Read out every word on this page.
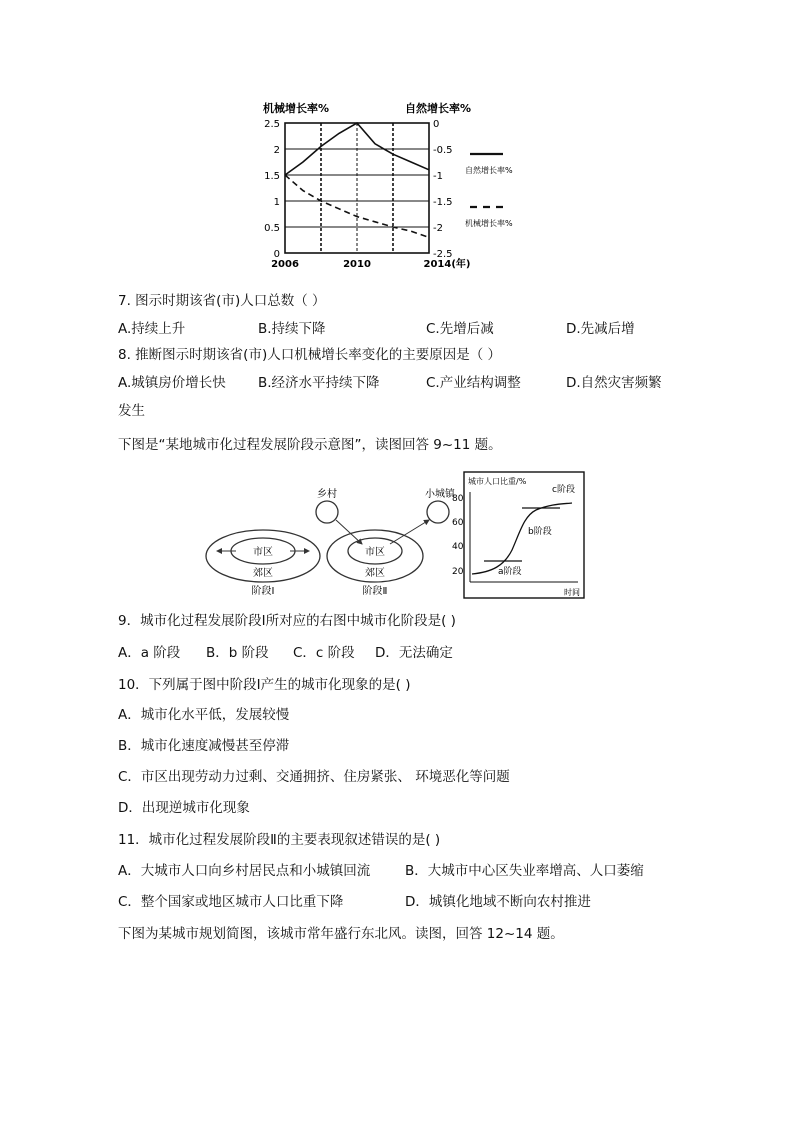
机械增长率%	自然增长率%
2.5
2
1.5
1
0.5
0
0
-0.5
-1
-1.5
-2
-2.5
2006	2010	2014(年)
自然增长率%
机械增长率%
7. 图示时期该省(市)人口总数（ ）
A.持续上升	B.持续下降	C.先增后减	D.先减后增
8. 推断图示时期该省(市)人口机械增长率变化的主要原因是（ ）
A.城镇房价增长快 B.经济水平持续下降	C.产业结构调整	D.自然灾害频繁
发生
下图是“某地城市化过程发展阶段示意图”，读图回答 9~11 题。
市区
郊区
阶段Ⅰ
乡村	小城镇
市区
郊区
阶段Ⅱ
城市人口比重/%
80
60
40
20	a阶段
b阶段
c阶段
时间
9．城市化过程发展阶段Ⅰ所对应的右图中城市化阶段是( )
A．a 阶段 B．b 阶段 C．c 阶段 D．无法确定
10．下列属于图中阶段Ⅰ产生的城市化现象的是( )
A．城市化水平低，发展较慢
B．城市化速度减慢甚至停滞
C．市区出现劳动力过剩、交通拥挤、住房紧张、 环境恶化等问题
D．出现逆城市化现象
11．城市化过程发展阶段Ⅱ的主要表现叙述错误的是( )
A．大城市人口向乡村居民点和小城镇回流	B．大城市中心区失业率增高、人口萎缩
C．整个国家或地区城市人口比重下降	D．城镇化地域不断向农村推进
下图为某城市规划简图，该城市常年盛行东北风。读图，回答 12~14 题。
